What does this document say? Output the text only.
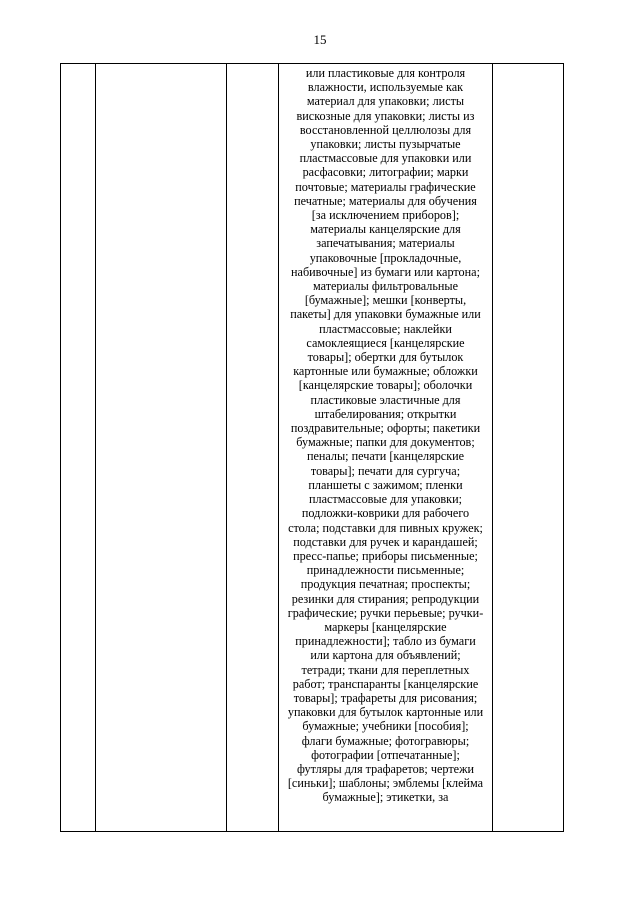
15

или пластиковые для контроля
влажности, используемые как
материал для упаковки; листы
вискозные для упаковки; листы из
восстановленной целлюлозы для
упаковки; листы пузырчатые
пластмассовые для упаковки или
расфасовки; литографии; марки
почтовые; материалы графические
печатные; материалы для обучения
[за исключением приборов];
материалы канцелярские для
запечатывания; материалы
упаковочные [прокладочные,
набивочные] из бумаги или картона;
материалы фильтровальные
[бумажные]; мешки [конверты,
пакеты] для упаковки бумажные или
пластмассовые; наклейки
самоклеящиеся [канцелярские
товары]; обертки для бутылок
картонные или бумажные; обложки
[канцелярские товары]; оболочки
пластиковые эластичные для
штабелирования; открытки
поздравительные; офорты; пакетики
бумажные; папки для документов;
пеналы; печати [канцелярские
товары]; печати для сургуча;
планшеты с зажимом; пленки
пластмассовые для упаковки;
подложки-коврики для рабочего
стола; подставки для пивных кружек;
подставки для ручек и карандашей;
пресс-папье; приборы письменные;
принадлежности письменные;
продукция печатная; проспекты;
резинки для стирания; репродукции
графические; ручки перьевые; ручки-
маркеры [канцелярские
принадлежности]; табло из бумаги
или картона для объявлений;
тетради; ткани для переплетных
работ; транспаранты [канцелярские
товары]; трафареты для рисования;
упаковки для бутылок картонные или
бумажные; учебники [пособия];
флаги бумажные; фотогравюры;
фотографии [отпечатанные];
футляры для трафаретов; чертежи
[синьки]; шаблоны; эмблемы [клейма
бумажные]; этикетки, за
